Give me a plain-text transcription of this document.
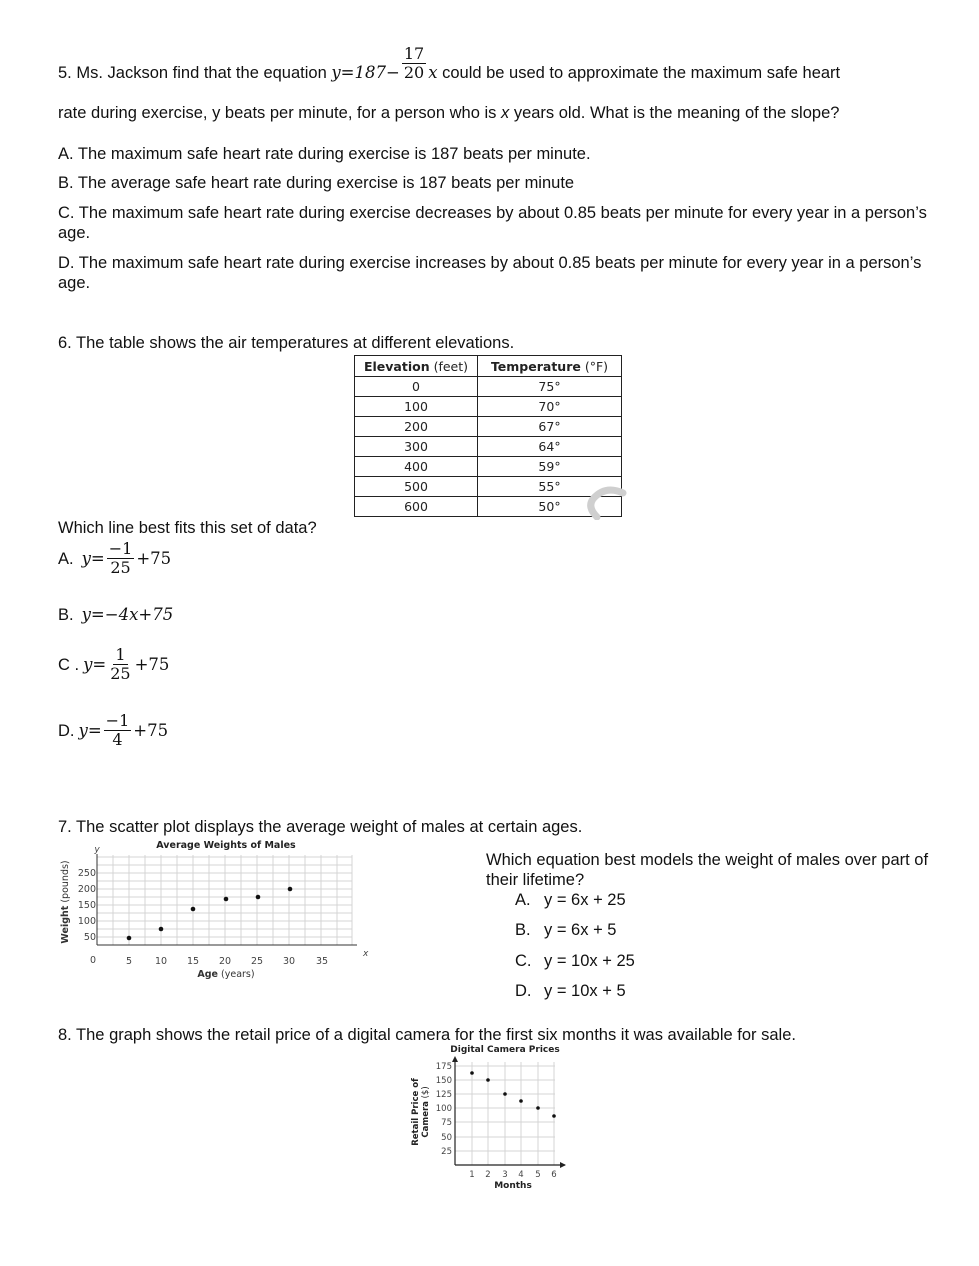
5. Ms. Jackson find that the equation $y=187- \frac{17}{20}$ x could be used to approximate the maximum safe heart
rate during exercise, y beats per minute, for a person who is x years old. What is the meaning of the slope?
A. The maximum safe heart rate during exercise is 187 beats per minute.
B. The average safe heart rate during exercise is 187 beats per minute
C. The maximum safe heart rate during exercise decreases by about 0.85 beats per minute for every year in a person’s age.
D. The maximum safe heart rate during exercise increases by about 0.85 beats per minute for every year in a person’s age.
6. The table shows the air temperatures at different elevations.
Elevation (feet)	Temperature (°F)
0	75°
100	70°
200	67°
300	64°
400	59°
500	55°
600	50°
Which line best fits this set of data?
A. $y= \frac{-1}{25} +75$
B. y=−4x+75
C . $y= \frac{1}{25} +75$
D. $y= \frac{-1}{4} +75$
7. The scatter plot displays the average weight of males at certain ages.
Average Weights of Males
y
x
50
100
150
200
250
0	5 10 15 20 25 30 35
Age (years)
Weight (pounds)
Which equation best models the weight of males over part of their lifetime?
A. y = 6x + 25
B. y = 6x + 5
C. y = 10x + 25
D. y = 10x + 5
8. The graph shows the retail price of a digital camera for the first six months it was available for sale.
Digital Camera Prices
25
50
75
100
125
150
175
1 2 3 4 5 6
Months
Retail Price of Camera ($)
